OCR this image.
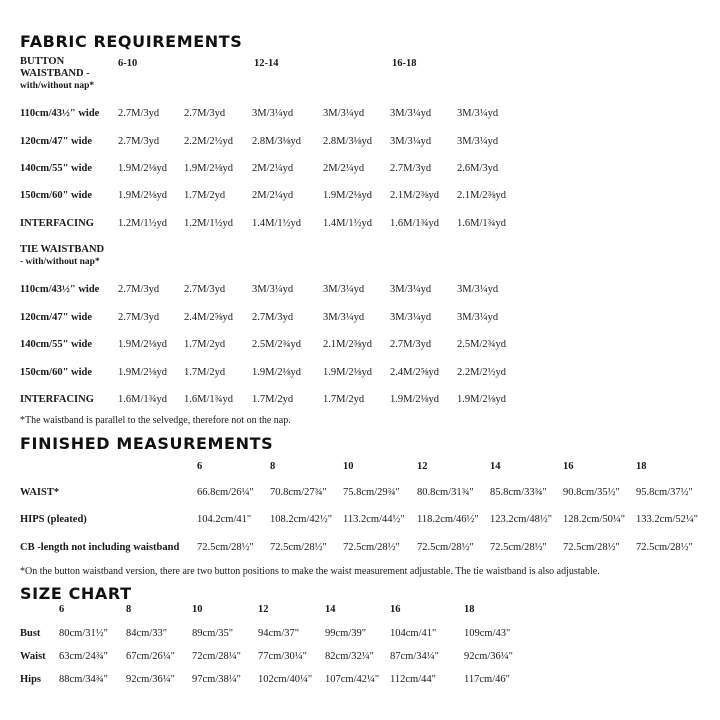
FABRIC REQUIREMENTS
BUTTON
WAISTBAND -
with/without nap*
6-10	12-14	16-18
110cm/43½" wide 2.7M/3yd 2.7M/3yd	3M/3¼yd	3M/3¼yd 3M/3¼yd 3M/3¼yd
120cm/47" wide 2.7M/3yd 2.2M/2½yd 2.8M/3⅛yd 2.8M/3⅛yd 3M/3¼yd 3M/3¼yd
140cm/55" wide 1.9M/2⅛yd 1.9M/2⅛yd 2M/2¼yd	2M/2¼yd 2.7M/3yd 2.6M/3yd
150cm/60" wide 1.9M/2⅛yd 1.7M/2yd	2M/2¼yd	1.9M/2⅛yd 2.1M/2⅜yd 2.1M/2⅜yd
INTERFACING 1.2M/1½yd 1.2M/1½yd 1.4M/1½yd 1.4M/1½yd 1.6M/1¾yd 1.6M/1¾yd
TIE WAISTBAND
- with/without nap*
110cm/43½" wide 2.7M/3yd 2.7M/3yd	3M/3¼yd	3M/3¼yd 3M/3¼yd 3M/3¼yd
120cm/47" wide 2.7M/3yd 2.4M/2⅝yd 2.7M/3yd	3M/3¼yd 3M/3¼yd 3M/3¼yd
140cm/55" wide 1.9M/2⅛yd 1.7M/2yd	2.5M/2¾yd 2.1M/2⅜yd 2.7M/3yd 2.5M/2¾yd
150cm/60" wide 1.9M/2⅛yd 1.7M/2yd	1.9M/2⅛yd 1.9M/2⅛yd 2.4M/2⅝yd 2.2M/2½yd
INTERFACING 1.6M/1¾yd 1.6M/1¾yd 1.7M/2yd	1.7M/2yd 1.9M/2⅛yd 1.9M/2⅛yd
*The waistband is parallel to the selvedge, therefore not on the nap.
FINISHED MEASUREMENTS
6	8	10	12	14	16	18
WAIST*	66.8cm/26¼" 70.8cm/27¾" 75.8cm/29¾" 80.8cm/31¾" 85.8cm/33¾" 90.8cm/35½" 95.8cm/37½"
HIPS (pleated)	104.2cm/41" 108.2cm/42½" 113.2cm/44½" 118.2cm/46½" 123.2cm/48½" 128.2cm/50¼" 133.2cm/52¼"
CB -length not including waistband 72.5cm/28½" 72.5cm/28½" 72.5cm/28½" 72.5cm/28½" 72.5cm/28½" 72.5cm/28½" 72.5cm/28½"
*On the button waistband version, there are two button positions to make the waist measurement adjustable. The tie waistband is also adjustable.
SIZE CHART
6	8	10	12	14	16	18
Bust 80cm/31½" 84cm/33" 89cm/35" 94cm/37" 99cm/39" 104cm/41"	109cm/43"
Waist 63cm/24¾" 67cm/26¼" 72cm/28¼" 77cm/30¼" 82cm/32¼" 87cm/34¼" 92cm/36¼"
Hips 88cm/34¾" 92cm/36¼" 97cm/38¼" 102cm/40¼" 107cm/42¼" 112cm/44"	117cm/46"
